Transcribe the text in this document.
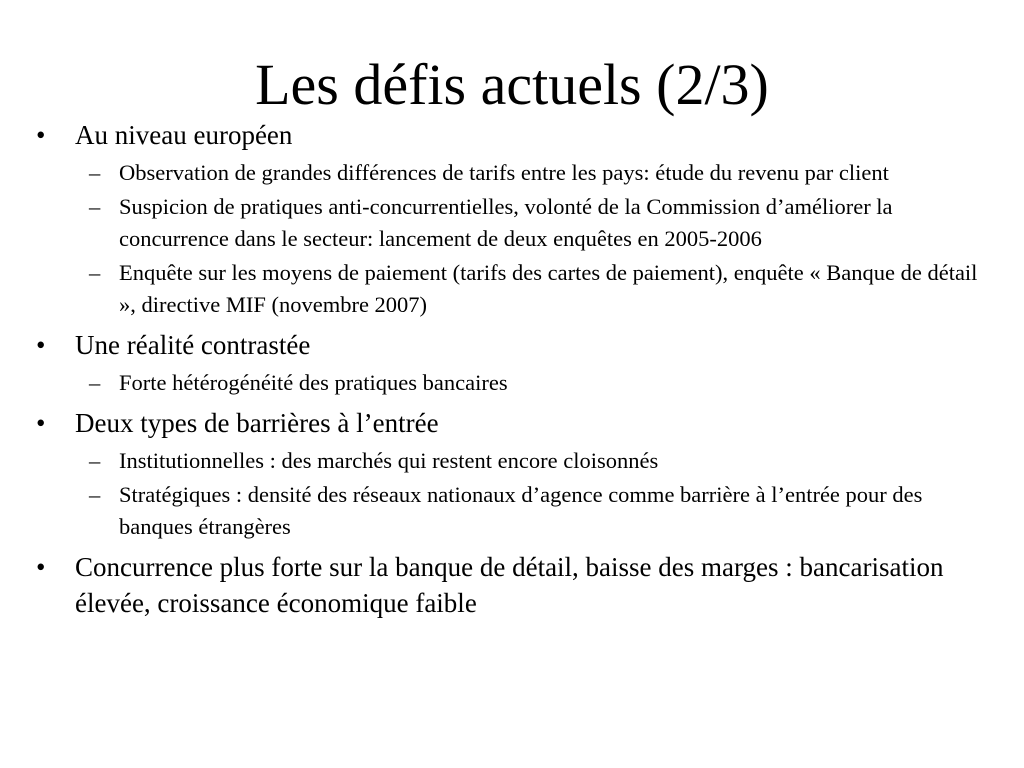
Les défis actuels (2/3)
•	Au niveau européen
– Observation de grandes différences de tarifs entre les pays: étude du revenu par client
– Suspicion de pratiques anti-concurrentielles, volonté de la Commission d’améliorer la concurrence dans le secteur: lancement de deux enquêtes en 2005-2006
– Enquête sur les moyens de paiement (tarifs des cartes de paiement), enquête « Banque de détail », directive MIF (novembre 2007)
•	Une réalité contrastée
– Forte hétérogénéité des pratiques bancaires
•	Deux types de barrières à l’entrée
– Institutionnelles : des marchés qui restent encore cloisonnés
– Stratégiques : densité des réseaux nationaux d’agence comme barrière à l’entrée pour des banques étrangères
•	Concurrence plus forte sur la banque de détail, baisse des marges : bancarisation élevée, croissance économique faible
